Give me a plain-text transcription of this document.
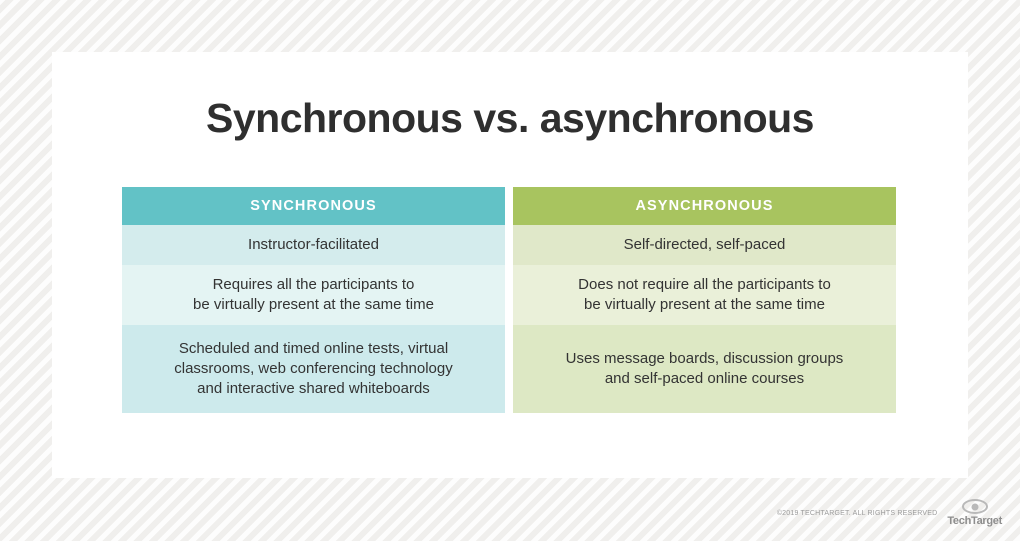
Synchronous vs. asynchronous
SYNCHRONOUS
Instructor-facilitated
Requires all the participants to
be virtually present at the same time
Scheduled and timed online tests, virtual
classrooms, web conferencing technology
and interactive shared whiteboards
ASYNCHRONOUS
Self-directed, self-paced
Does not require all the participants to
be virtually present at the same time
Uses message boards, discussion groups
and self-paced online courses
©2019 TECHTARGET. ALL RIGHTS RESERVED
TechTarget
